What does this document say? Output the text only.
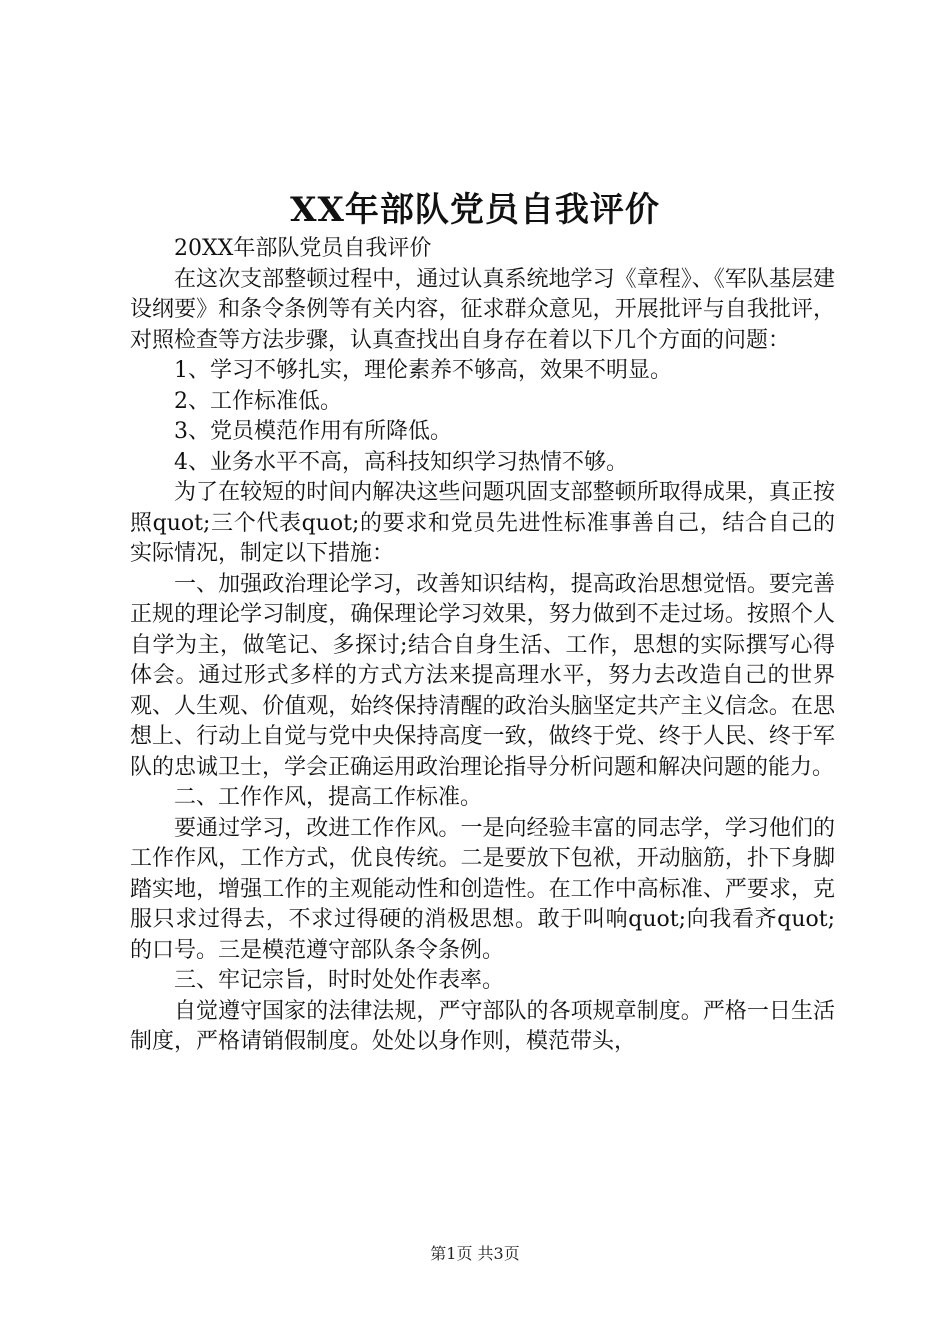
XX年部队党员自我评价

20XX年部队党员自我评价

在这次支部整顿过程中，通过认真系统地学习《章程》、《军队基层建设纲要》和条令条例等有关内容，征求群众意见，开展批评与自我批评，对照检查等方法步骤，认真查找出自身存在着以下几个方面的问题：

1、学习不够扎实，理伦素养不够高，效果不明显。

2、工作标准低。

3、党员模范作用有所降低。

4、业务水平不高，高科技知织学习热情不够。

为了在较短的时间内解决这些问题巩固支部整顿所取得成果，真正按照quot;三个代表quot;的要求和党员先进性标准事善自己，结合自己的实际情况，制定以下措施：

一、加强政治理论学习，改善知识结构，提高政治思想觉悟。要完善正规的理论学习制度，确保理论学习效果，努力做到不走过场。按照个人自学为主，做笔记、多探讨;结合自身生活、工作，思想的实际撰写心得体会。通过形式多样的方式方法来提高理水平，努力去改造自己的世界观、人生观、价值观，始终保持清醒的政治头脑坚定共产主义信念。在思想上、行动上自觉与党中央保持高度一致，做终于党、终于人民、终于军队的忠诚卫士，学会正确运用政治理论指导分析问题和解决问题的能力。

二、工作作风，提高工作标准。

要通过学习，改进工作作风。一是向经验丰富的同志学，学习他们的工作作风，工作方式，优良传统。二是要放下包袱，开动脑筋，扑下身脚踏实地，增强工作的主观能动性和创造性。在工作中高标准、严要求，克服只求过得去，不求过得硬的消极思想。敢于叫响quot;向我看齐quot;的口号。三是模范遵守部队条令条例。

三、牢记宗旨，时时处处作表率。

自觉遵守国家的法律法规，严守部队的各项规章制度。严格一日生活制度，严格请销假制度。处处以身作则，模范带头，

第1页 共3页
